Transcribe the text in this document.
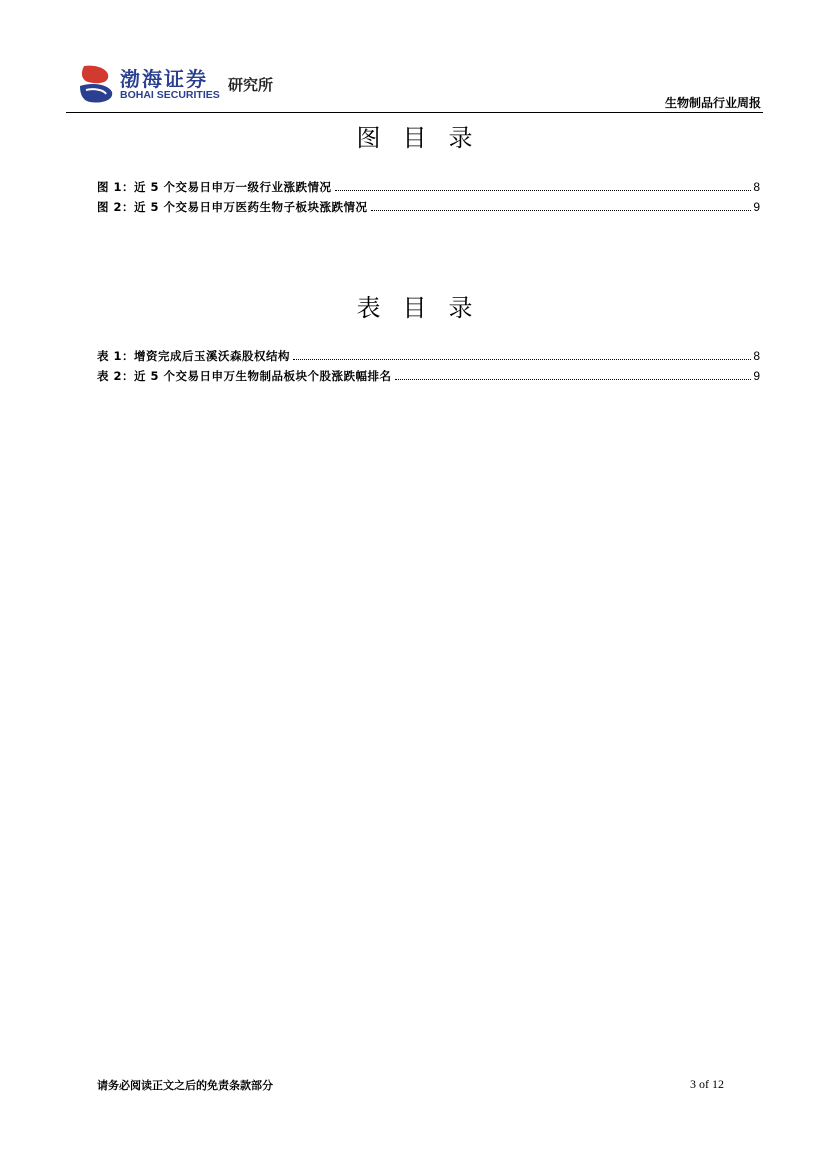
渤海证券
BOHAI SECURITIES
研究所
生物制品行业周报
图目录
图 1：近 5 个交易日申万一级行业涨跌情况	8
图 2：近 5 个交易日申万医药生物子板块涨跌情况	9
表目录
表 1：增资完成后玉溪沃森股权结构	8
表 2：近 5 个交易日申万生物制品板块个股涨跌幅排名	9
请务必阅读正文之后的免责条款部分	3 of 12
